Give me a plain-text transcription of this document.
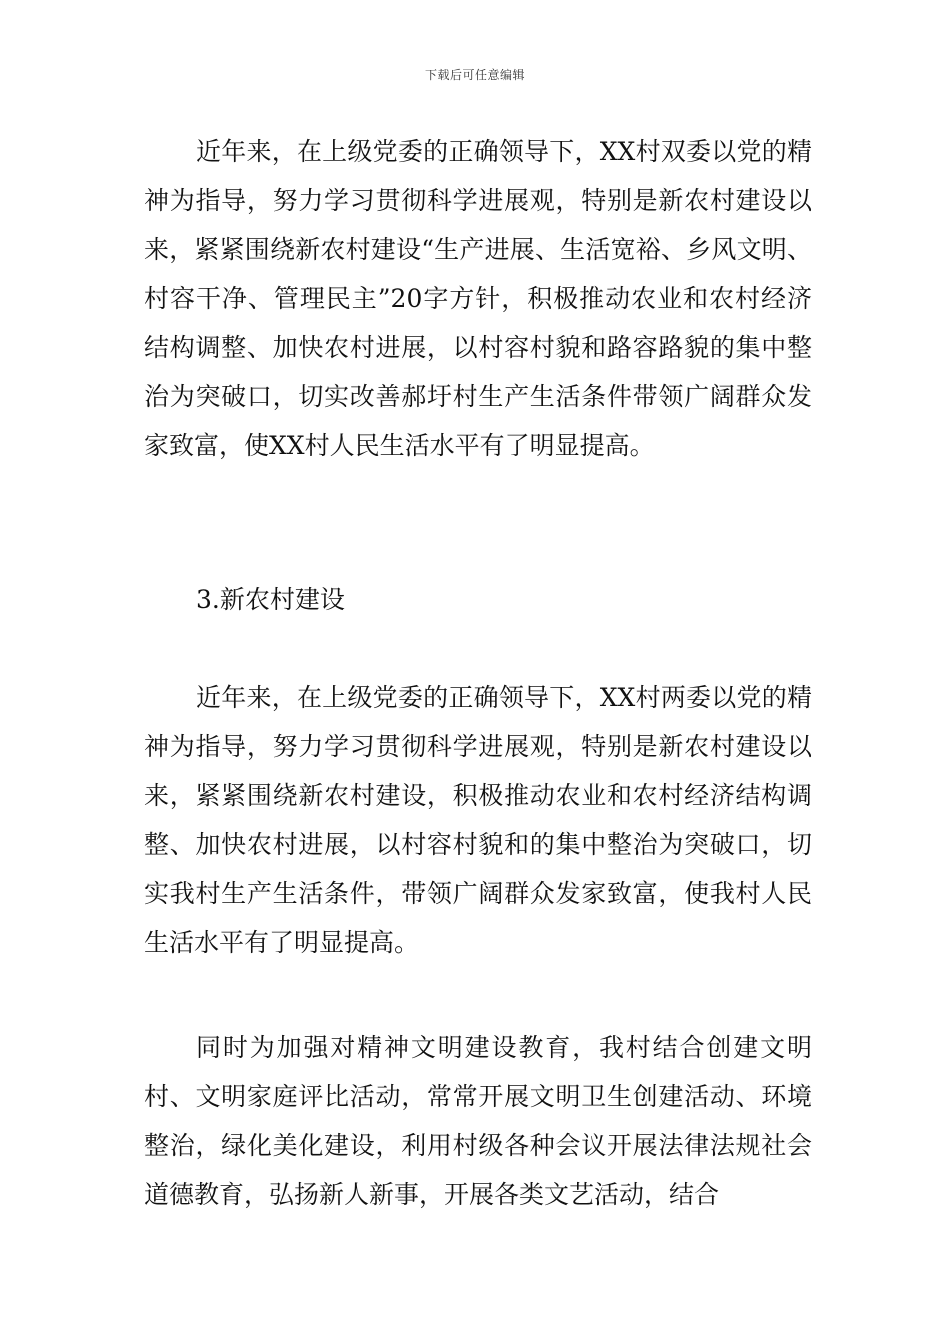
下载后可任意编辑

近年来，在上级党委的正确领导下，XX村双委以党的精神为指导，努力学习贯彻科学进展观，特别是新农村建设以来，紧紧围绕新农村建设“生产进展、生活宽裕、乡风文明、村容干净、管理民主”20字方针，积极推动农业和农村经济结构调整、加快农村进展，以村容村貌和路容路貌的集中整治为突破口，切实改善郝圩村生产生活条件带领广阔群众发家致富，使XX村人民生活水平有了明显提高。

3.新农村建设

近年来，在上级党委的正确领导下，XX村两委以党的精神为指导，努力学习贯彻科学进展观，特别是新农村建设以来，紧紧围绕新农村建设，积极推动农业和农村经济结构调整、加快农村进展，以村容村貌和的集中整治为突破口，切实我村生产生活条件，带领广阔群众发家致富，使我村人民生活水平有了明显提高。

同时为加强对精神文明建设教育，我村结合创建文明村、文明家庭评比活动，常常开展文明卫生创建活动、环境整治，绿化美化建设，利用村级各种会议开展法律法规社会道德教育，弘扬新人新事，开展各类文艺活动，结合
